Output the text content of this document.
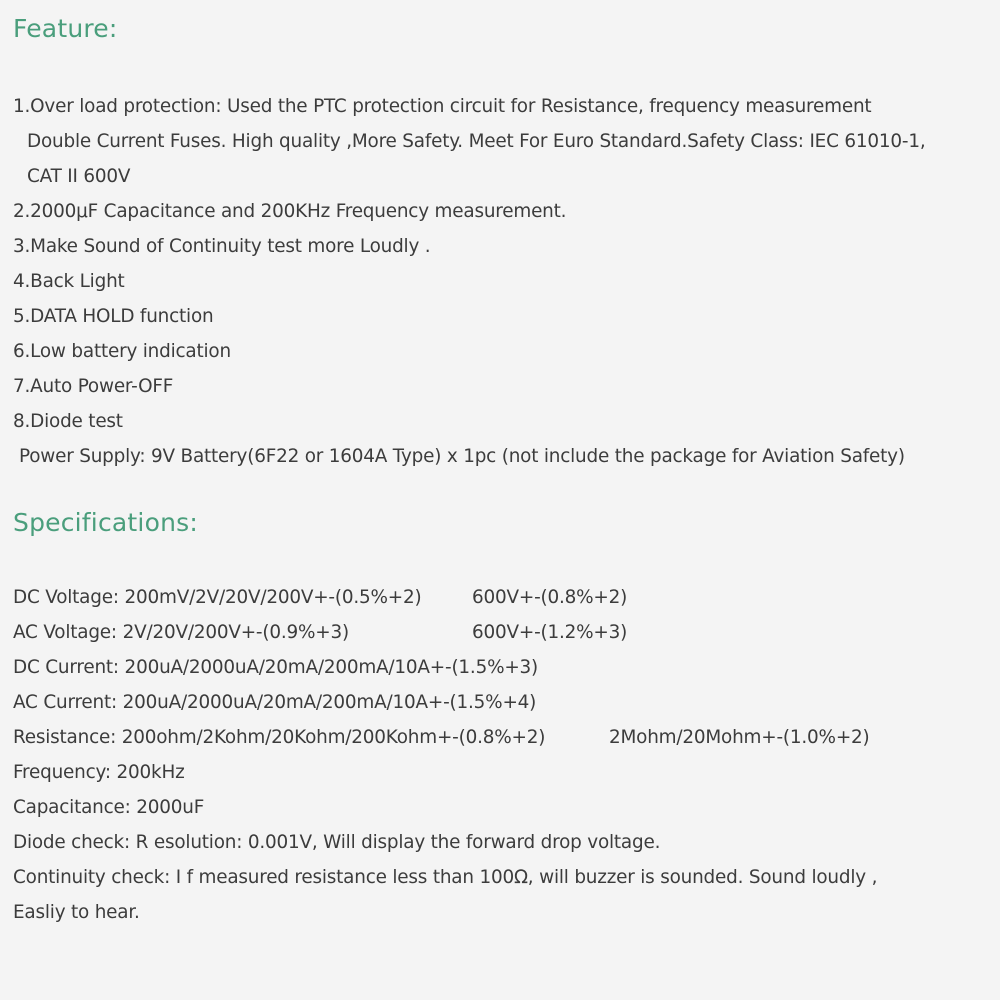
Feature:
1.Over load protection: Used the PTC protection circuit for Resistance, frequency measurement
Double Current Fuses. High quality ,More Safety. Meet For Euro Standard.Safety Class: IEC 61010-1,
CAT II 600V
2.2000μF Capacitance and 200KHz Frequency measurement.
3.Make Sound of Continuity test more Loudly .
4.Back Light
5.DATA HOLD function
6.Low battery indication
7.Auto Power-OFF
8.Diode test
Power Supply: 9V Battery(6F22 or 1604A Type) x 1pc (not include the package for Aviation Safety)
Specifications:
DC Voltage: 200mV/2V/20V/200V+-(0.5%+2)	600V+-(0.8%+2)
AC Voltage: 2V/20V/200V+-(0.9%+3)	600V+-(1.2%+3)
DC Current: 200uA/2000uA/20mA/200mA/10A+-(1.5%+3)
AC Current: 200uA/2000uA/20mA/200mA/10A+-(1.5%+4)
Resistance: 200ohm/2Kohm/20Kohm/200Kohm+-(0.8%+2)	2Mohm/20Mohm+-(1.0%+2)
Frequency: 200kHz
Capacitance: 2000uF
Diode check: R esolution: 0.001V, Will display the forward drop voltage.
Continuity check: I f measured resistance less than 100Ω, will buzzer is sounded. Sound loudly ,
Easliy to hear.
